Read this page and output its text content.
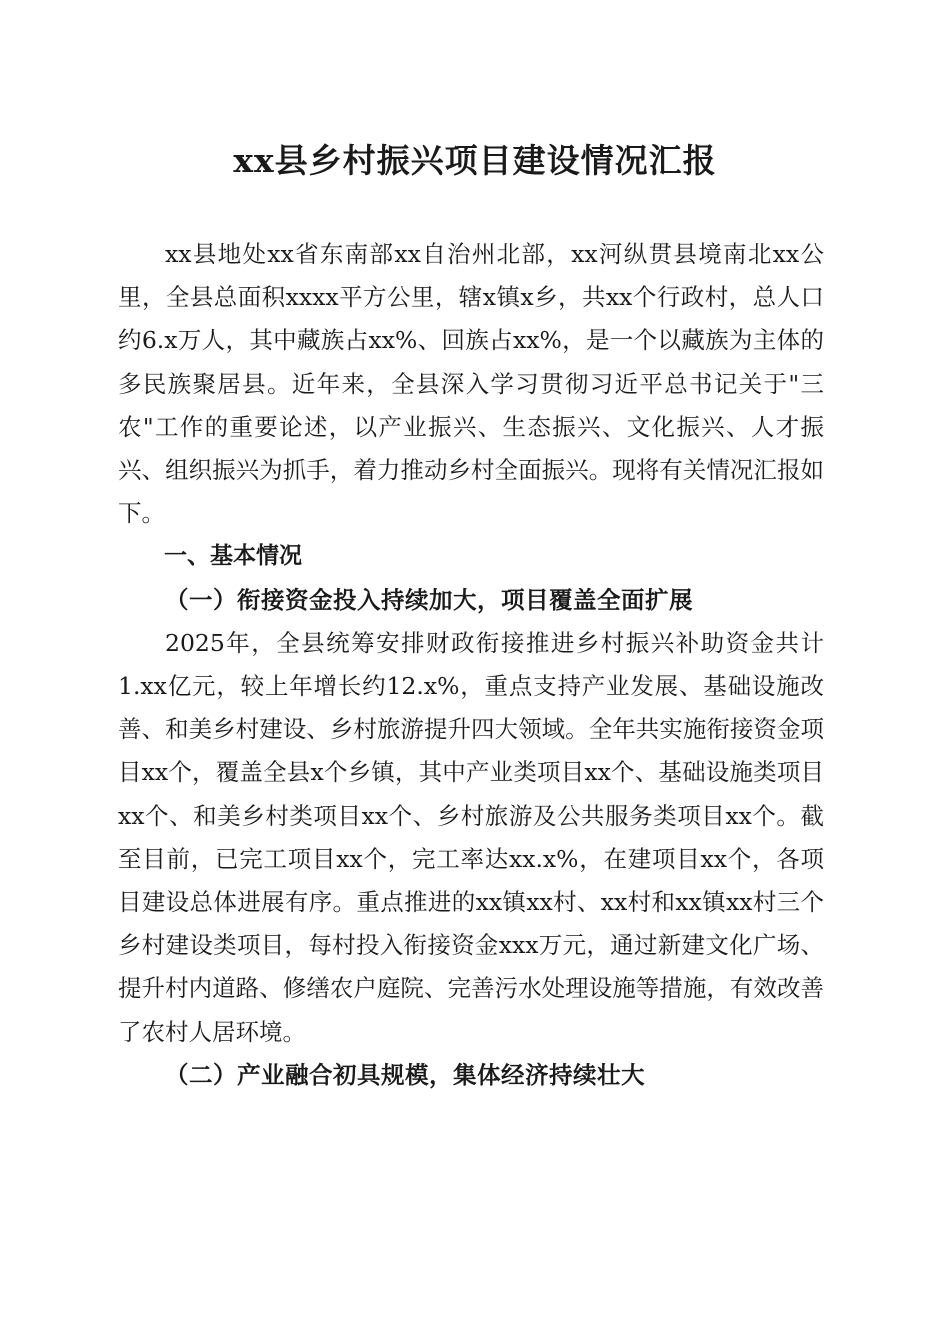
xx县乡村振兴项目建设情况汇报

xx县地处xx省东南部xx自治州北部，xx河纵贯县境南北xx公里，全县总面积xxxx平方公里，辖x镇x乡，共xx个行政村，总人口约6.x万人，其中藏族占xx%、回族占xx%，是一个以藏族为主体的多民族聚居县。近年来，全县深入学习贯彻习近平总书记关于"三农"工作的重要论述，以产业振兴、生态振兴、文化振兴、人才振兴、组织振兴为抓手，着力推动乡村全面振兴。现将有关情况汇报如下。

一、基本情况

（一）衔接资金投入持续加大，项目覆盖全面扩展

2025年，全县统筹安排财政衔接推进乡村振兴补助资金共计1.xx亿元，较上年增长约12.x%，重点支持产业发展、基础设施改善、和美乡村建设、乡村旅游提升四大领域。全年共实施衔接资金项目xx个，覆盖全县x个乡镇，其中产业类项目xx个、基础设施类项目xx个、和美乡村类项目xx个、乡村旅游及公共服务类项目xx个。截至目前，已完工项目xx个，完工率达xx.x%，在建项目xx个，各项目建设总体进展有序。重点推进的xx镇xx村、xx村和xx镇xx村三个乡村建设类项目，每村投入衔接资金xxx万元，通过新建文化广场、提升村内道路、修缮农户庭院、完善污水处理设施等措施，有效改善了农村人居环境。

（二）产业融合初具规模，集体经济持续壮大
